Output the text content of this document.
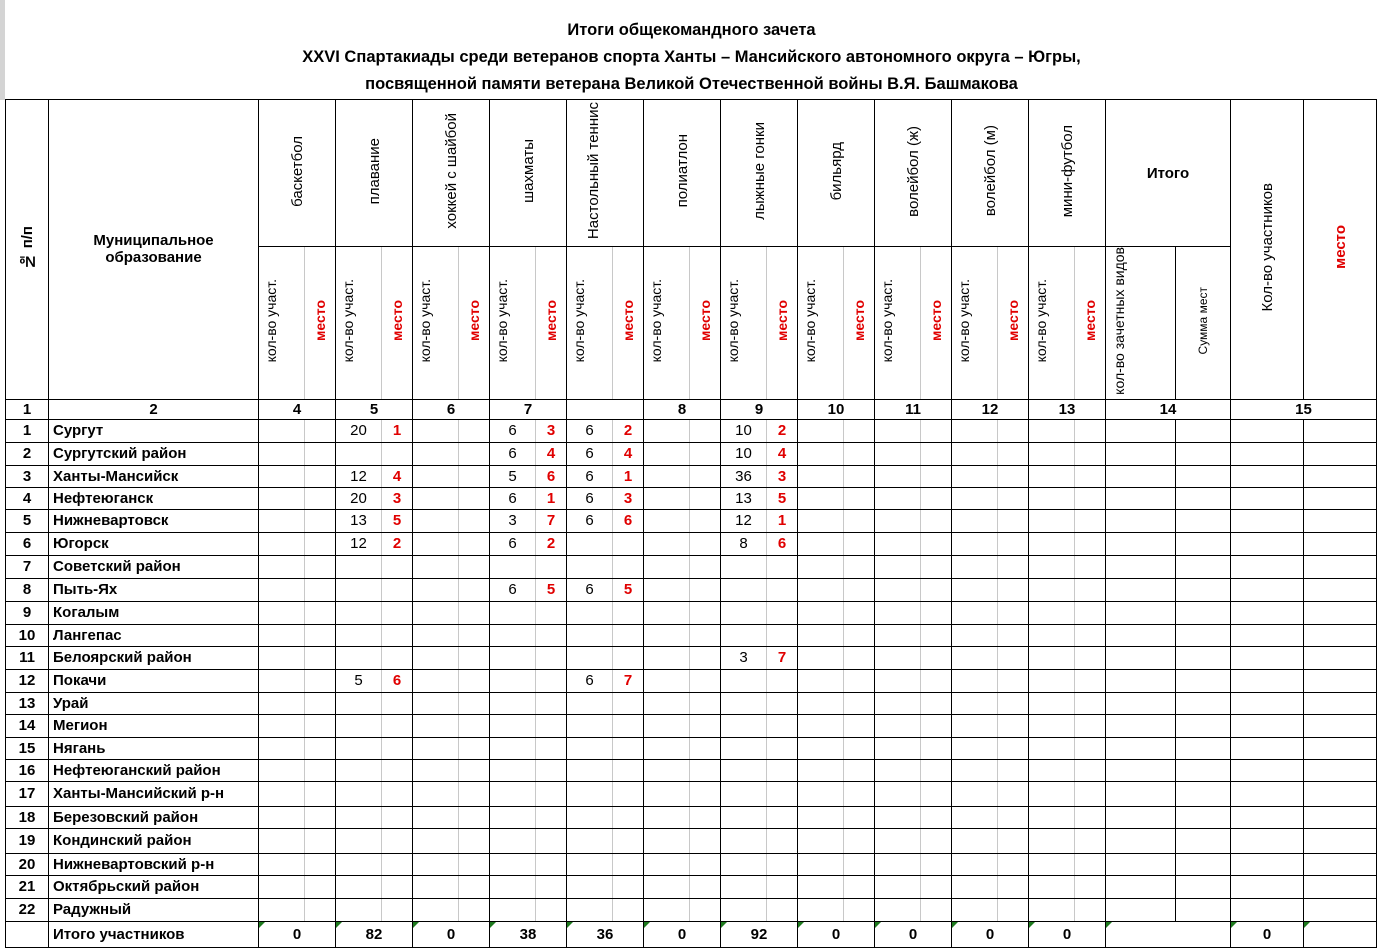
Итоги общекомандного зачета
XXVI Спартакиады среди ветеранов спорта Ханты – Мансийского автономного округа – Югры,
посвященной памяти ветерана Великой Отечественной войны В.Я. Башмакова
№ п/п	Муниципальное образование	баскетбол		плавание		хоккей с шайбой		шахматы		Настольный теннис		полиатлон		лыжные гонки		бильярд		волейбол (ж)		волейбол (м)		мини-футбол		Итого		Кол-во участников	место
		кол-во участ.	место	кол-во участ.	место	кол-во участ.	место	кол-во участ.	место	кол-во участ.	место	кол-во участ.	место	кол-во участ.	место	кол-во участ.	место	кол-во участ.	место	кол-во участ.	место	кол-во участ.	место	кол-во зачетных видов	Сумма мест		
1	2	4		5		6		7				8		9		10		11		12		13		14		15	
1	Сургут			20	1			6	3	6	2			10	2												
2	Сургутский район							6	4	6	4			10	4												
3	Ханты-Мансийск			12	4			5	6	6	1			36	3												
4	Нефтеюганск			20	3			6	1	6	3			13	5												
5	Нижневартовск			13	5			3	7	6	6			12	1												
6	Югорск			12	2			6	2					8	6												
7	Советский район																										
8	Пыть-Ях							6	5	6	5																
9	Когалым																										
10	Лангепас																										
11	Белоярский район													3	7												
12	Покачи			5	6					6	7																
13	Урай																										
14	Мегион																										
15	Нягань																										
16	Нефтеюганский район																										
17	Ханты-Мансийский р-н																										
18	Березовский район																										
19	Кондинский район																										
20	Нижневартовский р-н																										
21	Октябрьский район																										
22	Радужный																										
	Итого участников	0		82		0		38		36		0		92		0		0		0		0				0	
